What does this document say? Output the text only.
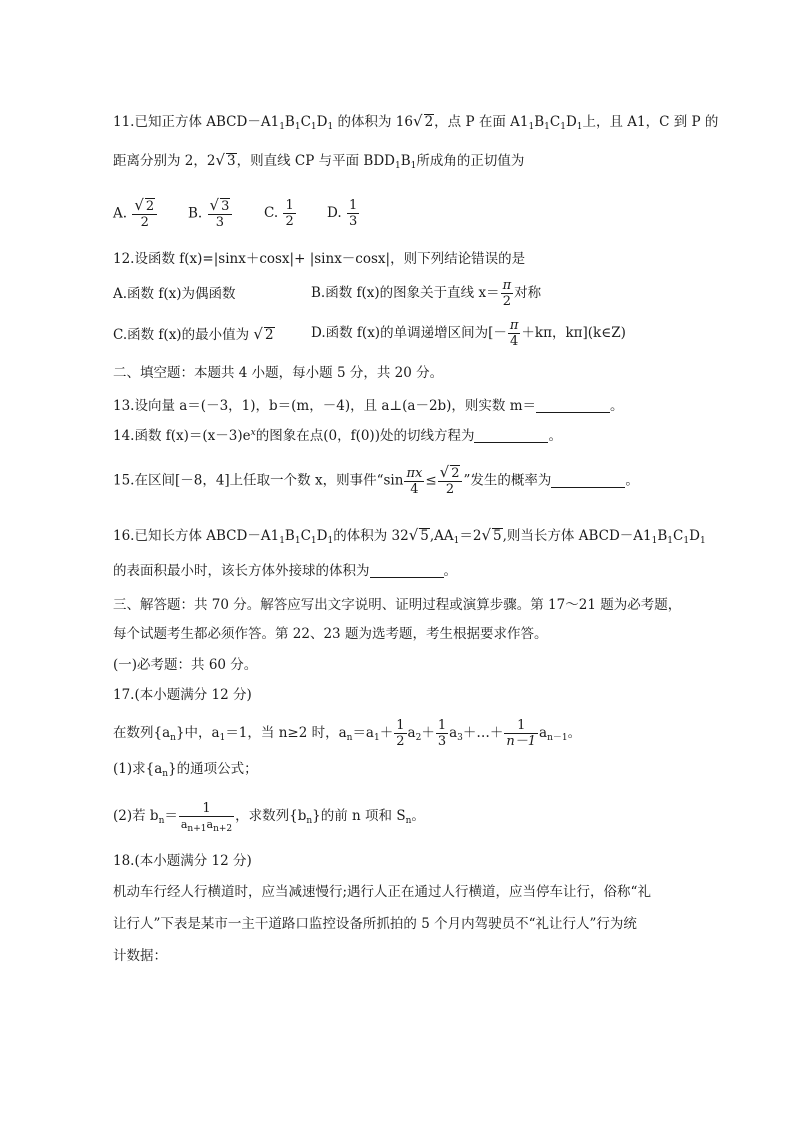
11.已知正方体 $ABCD-A1_1B_1C_1D_1$ 的体积为 16√ 2，点 P 在面 $A1_1B_1C_1D_1$上，且 A1，C 到 P 的
距离分别为 2，2√ 3，则直线 CP 与平面 $BDD_1B_1$所成角的正切值为
A. $\frac{√ 2}{2} B$. $\frac{√ 3}{3} C$. $\frac{1}{2} D$. $\frac{1}{3}$
12.设函数 f(x)=|sinx＋cosx|+ |sinx－cosx|，则下列结论错误的是
A.函数 f(x)为偶函数	B.函数 f(x)的图象关于直线 $x= \frac{\pi}{2}$ 对称
C.函数 f(x)的最小值为 √ 2	D.函数 f(x)的单调递增区间为[－ $\frac{\pi}{4} +k\pi$，kπ](k∈Z)
二、填空题：本题共 4 小题，每小题 5 分，共 20 分。
13.设向量 a＝(－3，1)，b＝(m，－4)，且 a⊥(a－2b)，则实数 m＝	。
14.函数 $f(x)=(x-3)e^x$的图象在点(0，f(0))处的切线方程为	。
15.在区间[－8，4]上任取一个数 x，则事件“$\sin \frac{\pi x}{4} \le \frac{√ 2}{2}$ ”发生的概率为	。
16.已知长方体 $ABCD-A1_1B_1C_1D_1$的体积为 32√ $5,AA_1=2√$ 5,则当长方体 $ABCD-A1_1B_1C_1D_1$
的表面积最小时，该长方体外接球的体积为	。
三、解答题：共 70 分。解答应写出文字说明、证明过程或演算步骤。第 17～21 题为必考题，
每个试题考生都必须作答。第 22、23 题为选考题，考生根据要求作答。
(一)必考题：共 60 分。
17.(本小题满分 12 分)
在数列$\{a_n\}$中，$a_1=1$，当 n≥2 时，$a_n=a_1+ \frac{1}{2} a_2+ \frac{1}{3}$ $a_3+\dots+ \frac{1}{n-1} a_{n-1}$。
(1)求$\{a_n\}$的通项公式；
(2)若 $b_n= \frac{1}{a_{n+1}a_{n+2}}$ ，求数列$\{b_n\}$的前 n 项和 $S_n$。
18.(本小题满分 12 分)
机动车行经人行横道时，应当减速慢行;遇行人正在通过人行横道，应当停车让行，俗称“礼
让行人”下表是某市一主干道路口监控设备所抓拍的 5 个月内驾驶员不“礼让行人”行为统
计数据：
